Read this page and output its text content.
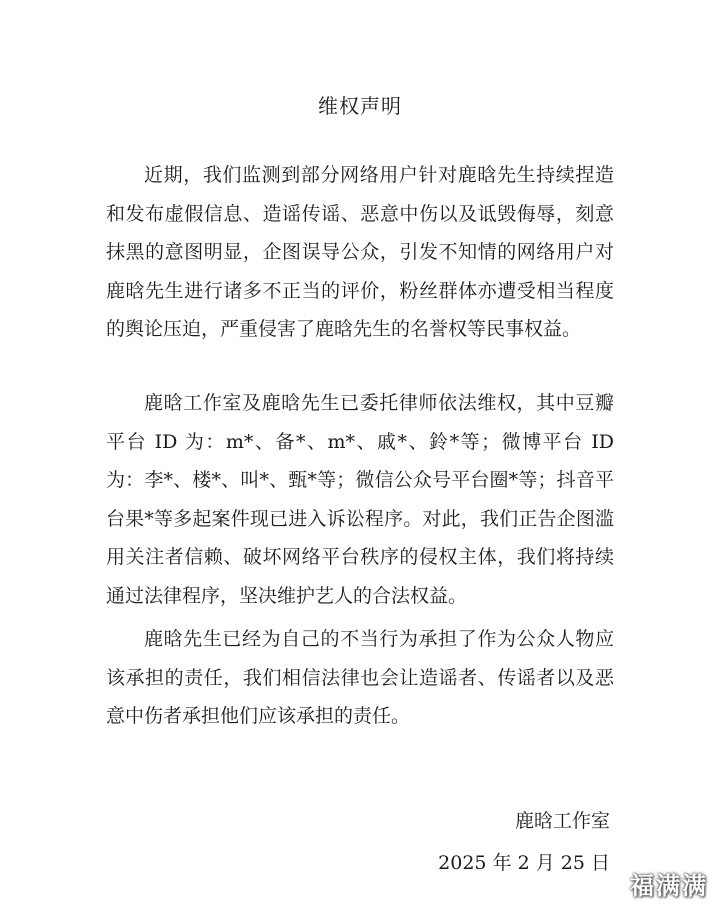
维权声明

近期，我们监测到部分网络用户针对鹿晗先生持续捏造和发布虚假信息、造谣传谣、恶意中伤以及诋毁侮辱，刻意抹黑的意图明显，企图误导公众，引发不知情的网络用户对鹿晗先生进行诸多不正当的评价，粉丝群体亦遭受相当程度的舆论压迫，严重侵害了鹿晗先生的名誉权等民事权益。

鹿晗工作室及鹿晗先生已委托律师依法维权，其中豆瓣平台 ID 为：m*、备*、m*、戚*、鈴*等；微博平台 ID 为：李*、楼*、叫*、甄*等；微信公众号平台圈*等；抖音平台果*等多起案件现已进入诉讼程序。对此，我们正告企图滥用关注者信赖、破坏网络平台秩序的侵权主体，我们将持续通过法律程序，坚决维护艺人的合法权益。

鹿晗先生已经为自己的不当行为承担了作为公众人物应该承担的责任，我们相信法律也会让造谣者、传谣者以及恶意中伤者承担他们应该承担的责任。

鹿晗工作室
2025 年 2 月 25 日
福满满
